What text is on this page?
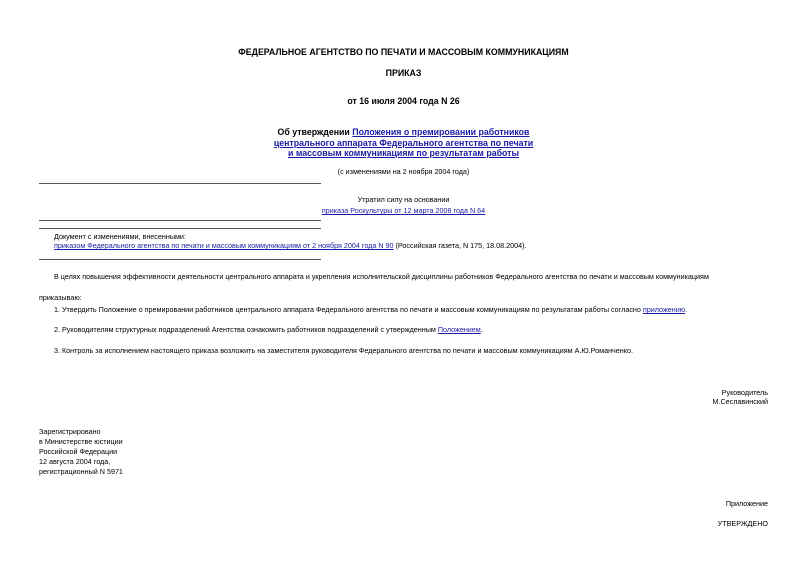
ФЕДЕРАЛЬНОЕ АГЕНТСТВО ПО ПЕЧАТИ И МАССОВЫМ КОММУНИКАЦИЯМ
ПРИКАЗ
от 16 июля 2004 года N 26
Об утверждении Положения о премировании работников
центрального аппарата Федерального агентства по печати
и массовым коммуникациям по результатам работы
(с изменениями на 2 ноября 2004 года)
Утратил силу на основании
приказа Роскультуры от 12 марта 2008 года N 64
Документ с изменениями, внесенными:
приказом Федерального агентства по печати и массовым коммуникациям от 2 ноября 2004 года N 90 (Российская газета, N 175, 18.08.2004).
В целях повышения эффективности деятельности центрального аппарата и укрепления исполнительской дисциплины работников Федерального агентства по печати и массовым коммуникациям
приказываю:
1. Утвердить Положение о премировании работников центрального аппарата Федерального агентства по печати и массовым коммуникациям по результатам работы согласно приложению.
2. Руководителям структурных подразделений Агентства ознакомить работников подразделений с утвержденным Положением.
3. Контроль за исполнением настоящего приказа возложить на заместителя руководителя Федерального агентства по печати и массовым коммуникациям А.Ю.Романченко.
Руководитель
М.Сеславинский
Зарегистрировано
в Министерстве юстиции
Российской Федерации
12 августа 2004 года,
регистрационный N 5971
Приложение
УТВЕРЖДЕНО
